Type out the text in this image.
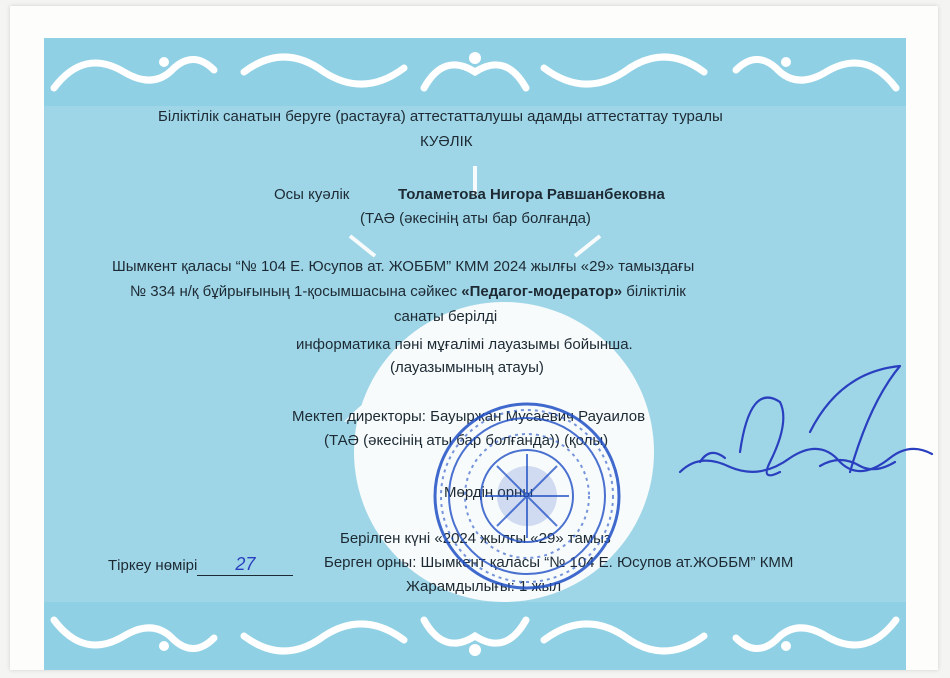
Біліктілік санатын беруге (растауға) аттестатталушы адамды аттестаттау туралы
КУӘЛІК
Осы куәлік	Толаметова Нигора Равшанбековна
(ТАӘ (әкесінің аты бар болғанда)
Шымкент қаласы “№ 104 Е. Юсупов ат. ЖОББМ” КММ 2024 жылғы «29» тамыздағы
№ 334 н/қ бұйрығының 1-қосымшасына сәйкес «Педагог-модератор» біліктілік
санаты берілді
информатика пәні мұғалімі лауазымы бойынша.
(лауазымының атауы)
Мектеп директоры: Бауыржан Мусаевич Рауаилов
(ТАӘ (әкесінің аты бар болғанда)) (қолы)
Мөрдің орны
Берілген күні «2024 жылғы «29» тамыз
Тіркеу нөмірі 27	Берген орны: Шымкент қаласы “№ 104 Е. Юсупов ат.ЖОББМ” КММ
Жарамдылығы: 1 жыл
